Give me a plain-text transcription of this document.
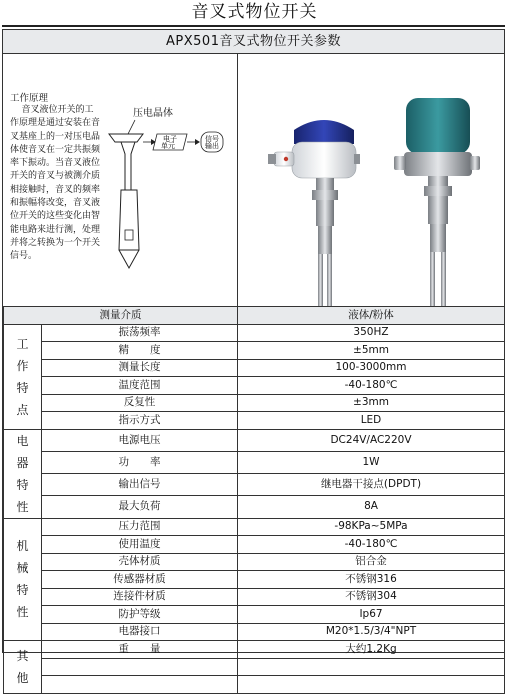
音叉式物位开关
APX501音叉式物位开关参数
工作原理
音叉液位开关的工作原理是通过安装在音叉基座上的一对压电晶体使音叉在一定共振频率下振动。当音叉液位开关的音叉与被测介质相接触时，音叉的频率和振幅将改变，音叉液位开关的这些变化由智能电路来进行测，处理并将之转换为一个开关信号。
压电晶体
电子
单元
信号
输出
测量介质		液体/粉体

工
作
特
点	振荡频率	350HZ
	精　　度	±5mm
	测量长度	100-3000mm
	温度范围	-40-180℃
	反复性	±3mm
	指示方式	LED

电
器
特
性	电源电压	DC24V/AC220V
	功　　率	1W
	输出信号	继电器干接点(DPDT)
	最大负荷	8A

机
械
特
性	压力范围	-98KPa~5MPa
	使用温度	-40-180℃
	壳体材质	铝合金
	传感器材质	不锈钢316
	连接件材质	不锈钢304
	防护等级	Ip67
	电器接口	M20*1.5/3/4"NPT

其
他	重　　量	大约1.2Kg
